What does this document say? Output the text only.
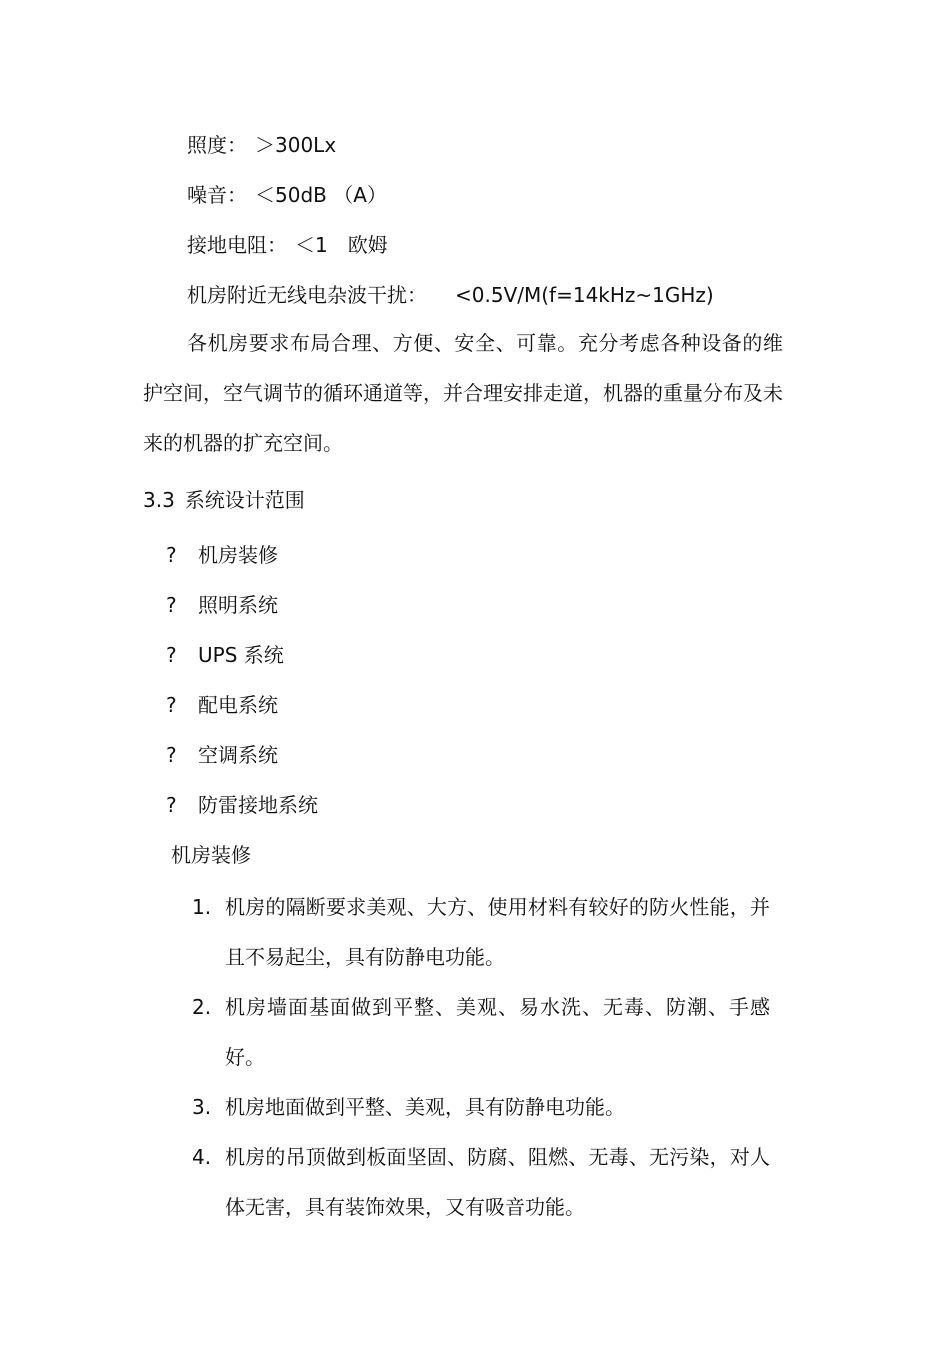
照度： ＞300Lx
噪音： ＜50dB （A）
接地电阻： ＜1　欧姆
机房附近无线电杂波干扰： <0.5V/M(f=14kHz~1GHz)
各机房要求布局合理、方便、安全、可靠。充分考虑各种设备的维护空间，空气调节的循环通道等，并合理安排走道，机器的重量分布及未来的机器的扩充空间。
3.3 系统设计范围
? 机房装修
? 照明系统
? UPS 系统
? 配电系统
? 空调系统
? 防雷接地系统
机房装修
1. 机房的隔断要求美观、大方、使用材料有较好的防火性能，并且不易起尘，具有防静电功能。
2. 机房墙面基面做到平整、美观、易水洗、无毒、防潮、手感好。
3. 机房地面做到平整、美观，具有防静电功能。
4. 机房的吊顶做到板面坚固、防腐、阻燃、无毒、无污染，对人体无害，具有装饰效果，又有吸音功能。
